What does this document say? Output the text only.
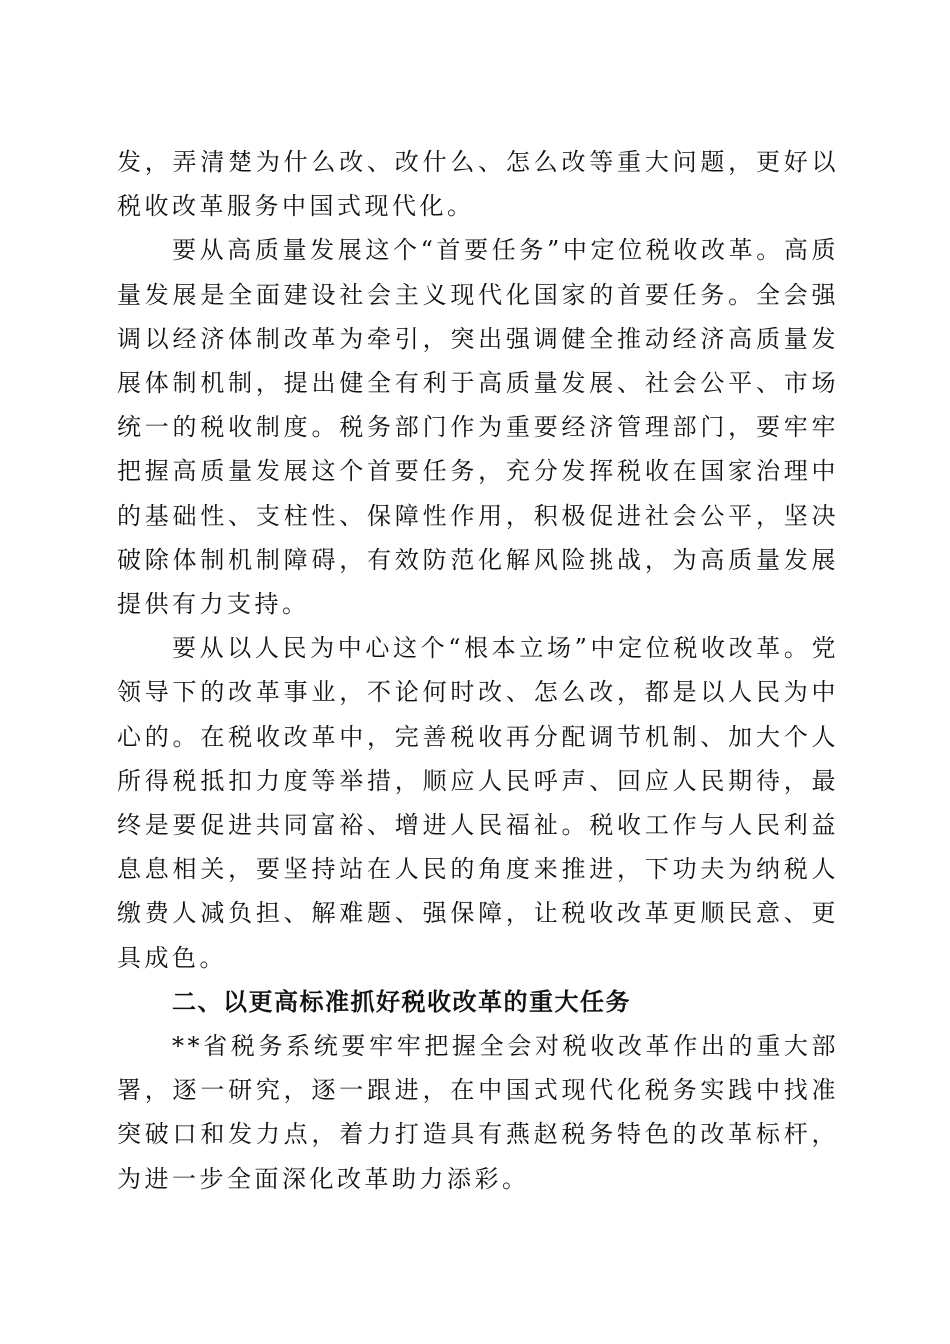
发，弄清楚为什么改、改什么、怎么改等重大问题，更好以税收改革服务中国式现代化。

要从高质量发展这个“首要任务”中定位税收改革。高质量发展是全面建设社会主义现代化国家的首要任务。全会强调以经济体制改革为牵引，突出强调健全推动经济高质量发展体制机制，提出健全有利于高质量发展、社会公平、市场统一的税收制度。税务部门作为重要经济管理部门，要牢牢把握高质量发展这个首要任务，充分发挥税收在国家治理中的基础性、支柱性、保障性作用，积极促进社会公平，坚决破除体制机制障碍，有效防范化解风险挑战，为高质量发展提供有力支持。

要从以人民为中心这个“根本立场”中定位税收改革。党领导下的改革事业，不论何时改、怎么改，都是以人民为中心的。在税收改革中，完善税收再分配调节机制、加大个人所得税抵扣力度等举措，顺应人民呼声、回应人民期待，最终是要促进共同富裕、增进人民福祉。税收工作与人民利益息息相关，要坚持站在人民的角度来推进，下功夫为纳税人缴费人减负担、解难题、强保障，让税收改革更顺民意、更具成色。

二、以更高标准抓好税收改革的重大任务

**省税务系统要牢牢把握全会对税收改革作出的重大部署，逐一研究，逐一跟进，在中国式现代化税务实践中找准突破口和发力点，着力打造具有燕赵税务特色的改革标杆，为进一步全面深化改革助力添彩。
